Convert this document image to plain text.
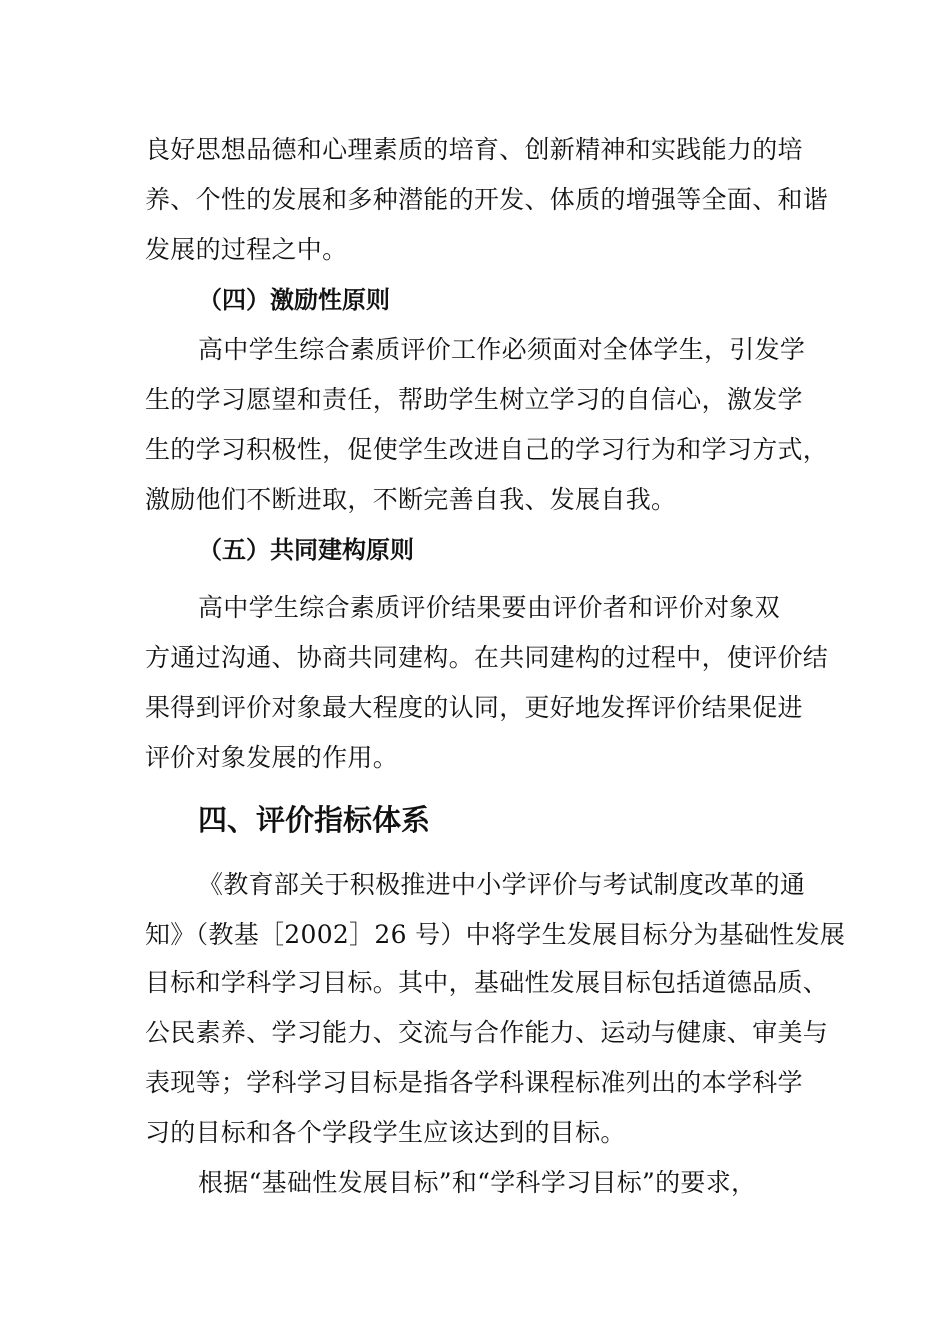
良好思想品德和心理素质的培育、创新精神和实践能力的培
养、个性的发展和多种潜能的开发、体质的增强等全面、和谐
发展的过程之中。
（四）激励性原则
高中学生综合素质评价工作必须面对全体学生，引发学
生的学习愿望和责任，帮助学生树立学习的自信心，激发学
生的学习积极性，促使学生改进自己的学习行为和学习方式，
激励他们不断进取，不断完善自我、发展自我。
（五）共同建构原则
高中学生综合素质评价结果要由评价者和评价对象双
方通过沟通、协商共同建构。在共同建构的过程中，使评价结
果得到评价对象最大程度的认同，更好地发挥评价结果促进
评价对象发展的作用。
四、评价指标体系
《教育部关于积极推进中小学评价与考试制度改革的通
知》（教基［2002］26 号）中将学生发展目标分为基础性发展
目标和学科学习目标。其中，基础性发展目标包括道德品质、
公民素养、学习能力、交流与合作能力、运动与健康、审美与
表现等；学科学习目标是指各学科课程标准列出的本学科学
习的目标和各个学段学生应该达到的目标。
根据“基础性发展目标”和“学科学习目标”的要求，
